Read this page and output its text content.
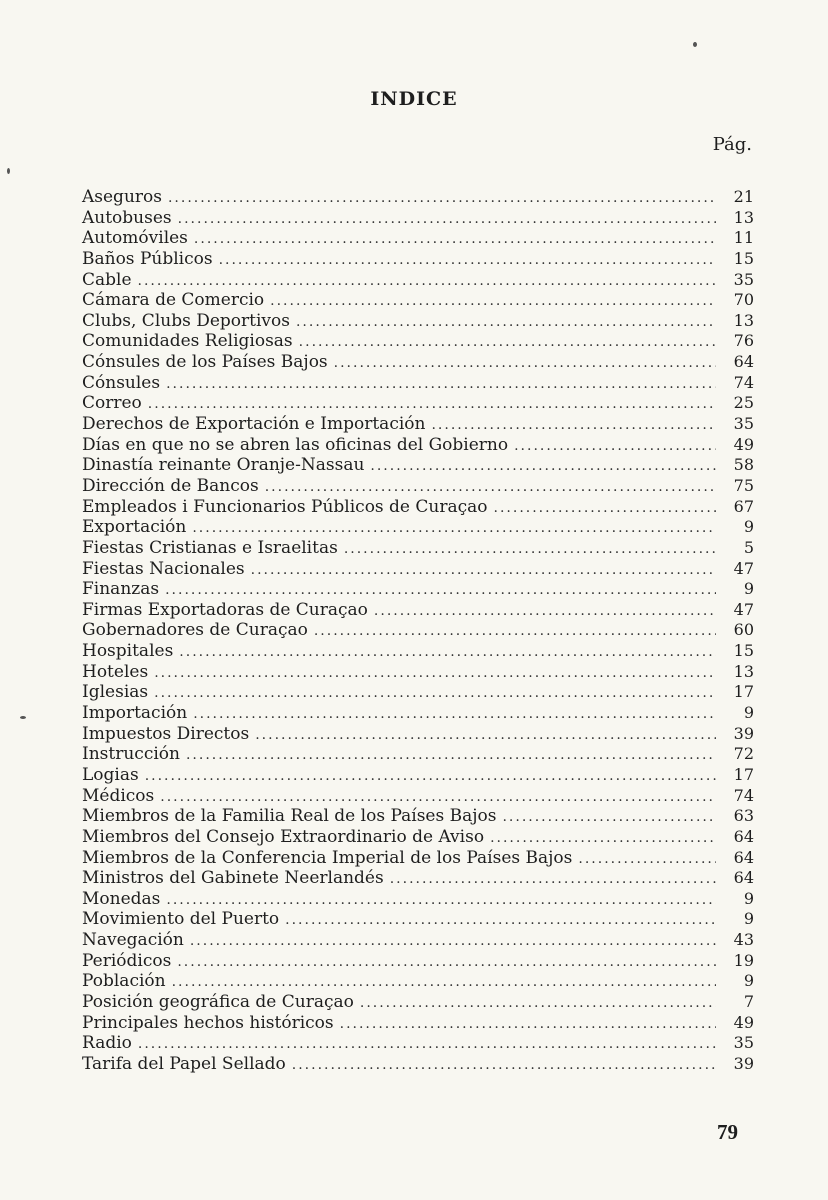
INDICE
Pág.
Aseguros .....	21
Autobuses .....	13
Automóviles .....	11
Baños Públicos .....	15
Cable .....	35
Cámara de Comercio .....	70
Clubs, Clubs Deportivos .....	13
Comunidades Religiosas .....	76
Cónsules de los Países Bajos .....	64
Cónsules .....	74
Correo .....	25
Derechos de Exportación e Importación .....	35
Días en que no se abren las oficinas del Gobierno .....	49
Dinastía reinante Oranje-Nassau .....	58
Dirección de Bancos .....	75
Empleados i Funcionarios Públicos de Curaçao .....	67
Exportación .....	9
Fiestas Cristianas e Israelitas .....	5
Fiestas Nacionales .....	47
Finanzas .....	9
Firmas Exportadoras de Curaçao .....	47
Gobernadores de Curaçao .....	60
Hospitales .....	15
Hoteles .....	13
Iglesias .....	17
Importación .....	9
Impuestos Directos .....	39
Instrucción .....	72
Logias .....	17
Médicos .....	74
Miembros de la Familia Real de los Países Bajos .....	63
Miembros del Consejo Extraordinario de Aviso .....	64
Miembros de la Conferencia Imperial de los Países Bajos .....	64
Ministros del Gabinete Neerlandés .....	64
Monedas .....	9
Movimiento del Puerto .....	9
Navegación .....	43
Periódicos .....	19
Población .....	9
Posición geográfica de Curaçao .....	7
Principales hechos históricos .....	49
Radio .....	35
Tarifa del Papel Sellado .....	39
79
